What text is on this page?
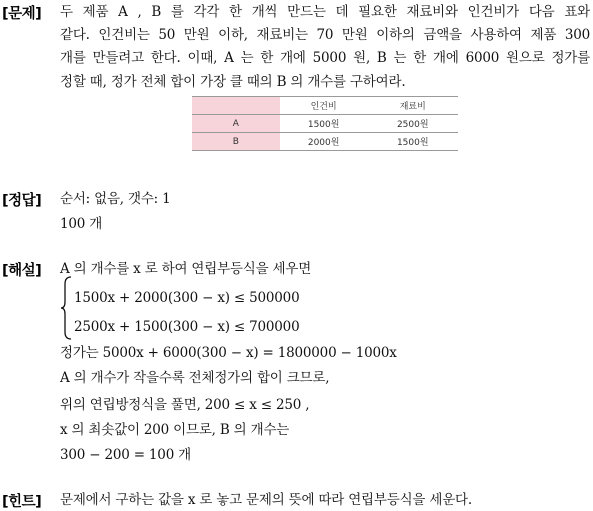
[문제] 두 제품 A , B 를 각각 한 개씩 만드는 데 필요한 재료비와 인건비가 다음 표와
같다. 인건비는 50 만원 이하, 재료비는 70 만원 이하의 금액을 사용하여 제품 300
개를 만들려고 한다. 이때, A 는 한 개에 5000 원, B 는 한 개에 6000 원으로 정가를
정할 때, 정가 전체 합이 가장 클 때의 B 의 개수를 구하여라.
	인건비	재료비
A	1500원	2500원
B	2000원	1500원
[정답] 순서: 없음, 갯수: 1
100 개
[해설] A 의 개수를 x 로 하여 연립부등식을 세우면
1500x + 2000(300 − x) ≤ 500000
2500x + 1500(300 − x) ≤ 700000
정가는 5000x + 6000(300 − x) = 1800000 − 1000x
A 의 개수가 작을수록 전체정가의 합이 크므로,
위의 연립방정식을 풀면, 200 ≤ x ≤ 250 ,
x 의 최솟값이 200 이므로, B 의 개수는
300 − 200 = 100 개
[힌트] 문제에서 구하는 값을 x 로 놓고 문제의 뜻에 따라 연립부등식을 세운다.
